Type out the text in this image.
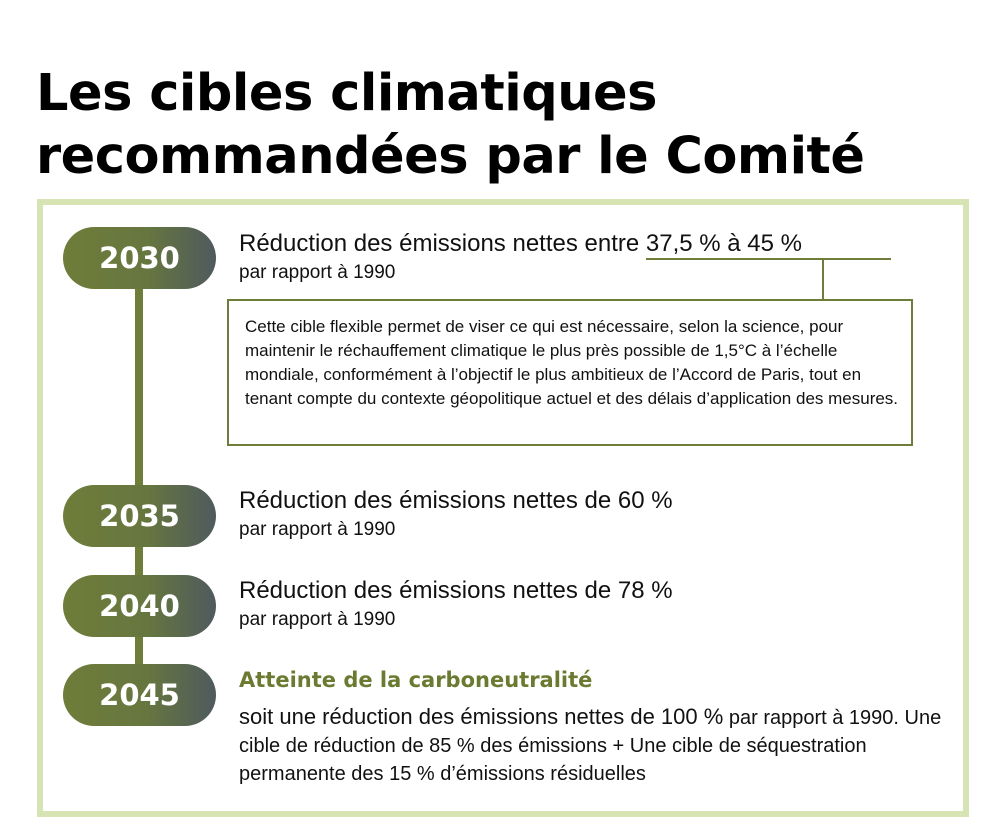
Les cibles climatiques
recommandées par le Comité
2030
2035
2040
2045
Réduction des émissions nettes entre 37,5 % à 45 %
par rapport à 1990
Cette cible flexible permet de viser ce qui est nécessaire, selon la science, pour maintenir le réchauffement climatique le plus près possible de 1,5°C à l’échelle mondiale, conformément à l’objectif le plus ambitieux de l’Accord de Paris, tout en tenant compte du contexte géopolitique actuel et des délais d’application des mesures.
Réduction des émissions nettes de 60 %
par rapport à 1990
Réduction des émissions nettes de 78 %
par rapport à 1990
Atteinte de la carboneutralité
soit une réduction des émissions nettes de 100 % par rapport à 1990. Une cible de réduction de 85 % des émissions + Une cible de séquestration permanente des 15 % d’émissions résiduelles
